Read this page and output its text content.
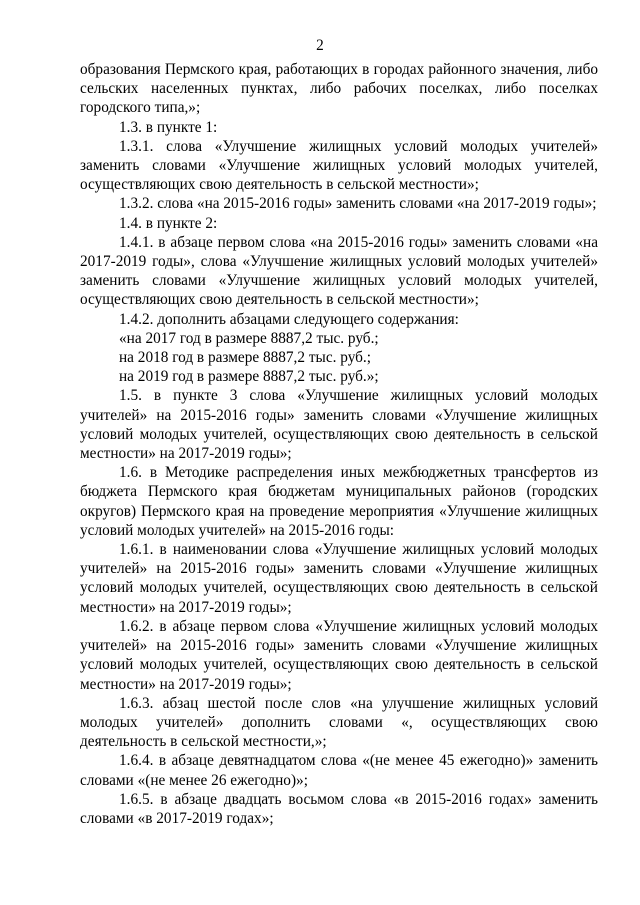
2

образования Пермского края, работающих в городах районного значения, либо сельских населенных пунктах, либо рабочих поселках, либо поселках городского типа,»;

1.3. в пункте 1:

1.3.1. слова «Улучшение жилищных условий молодых учителей» заменить словами «Улучшение жилищных условий молодых учителей, осуществляющих свою деятельность в сельской местности»;

1.3.2. слова «на 2015-2016 годы» заменить словами «на 2017-2019 годы»;

1.4. в пункте 2:

1.4.1. в абзаце первом слова «на 2015-2016 годы» заменить словами «на 2017-2019 годы», слова «Улучшение жилищных условий молодых учителей» заменить словами «Улучшение жилищных условий молодых учителей, осуществляющих свою деятельность в сельской местности»;

1.4.2. дополнить абзацами следующего содержания:

«на 2017 год в размере 8887,2 тыс. руб.;

на 2018 год в размере 8887,2 тыс. руб.;

на 2019 год в размере 8887,2 тыс. руб.»;

1.5. в пункте 3 слова «Улучшение жилищных условий молодых учителей» на 2015-2016 годы» заменить словами «Улучшение жилищных условий молодых учителей, осуществляющих свою деятельность в сельской местности» на 2017-2019 годы»;

1.6. в Методике распределения иных межбюджетных трансфертов из бюджета Пермского края бюджетам муниципальных районов (городских округов) Пермского края на проведение мероприятия «Улучшение жилищных условий молодых учителей» на 2015-2016 годы:

1.6.1. в наименовании слова «Улучшение жилищных условий молодых учителей» на 2015-2016 годы» заменить словами «Улучшение жилищных условий молодых учителей, осуществляющих свою деятельность в сельской местности» на 2017-2019 годы»;

1.6.2. в абзаце первом слова «Улучшение жилищных условий молодых учителей» на 2015-2016 годы» заменить словами «Улучшение жилищных условий молодых учителей, осуществляющих свою деятельность в сельской местности» на 2017-2019 годы»;

1.6.3. абзац шестой после слов «на улучшение жилищных условий молодых учителей» дополнить словами «, осуществляющих свою деятельность в сельской местности,»;

1.6.4. в абзаце девятнадцатом слова «(не менее 45 ежегодно)» заменить словами «(не менее 26 ежегодно)»;

1.6.5. в абзаце двадцать восьмом слова «в 2015-2016 годах» заменить словами «в 2017-2019 годах»;
